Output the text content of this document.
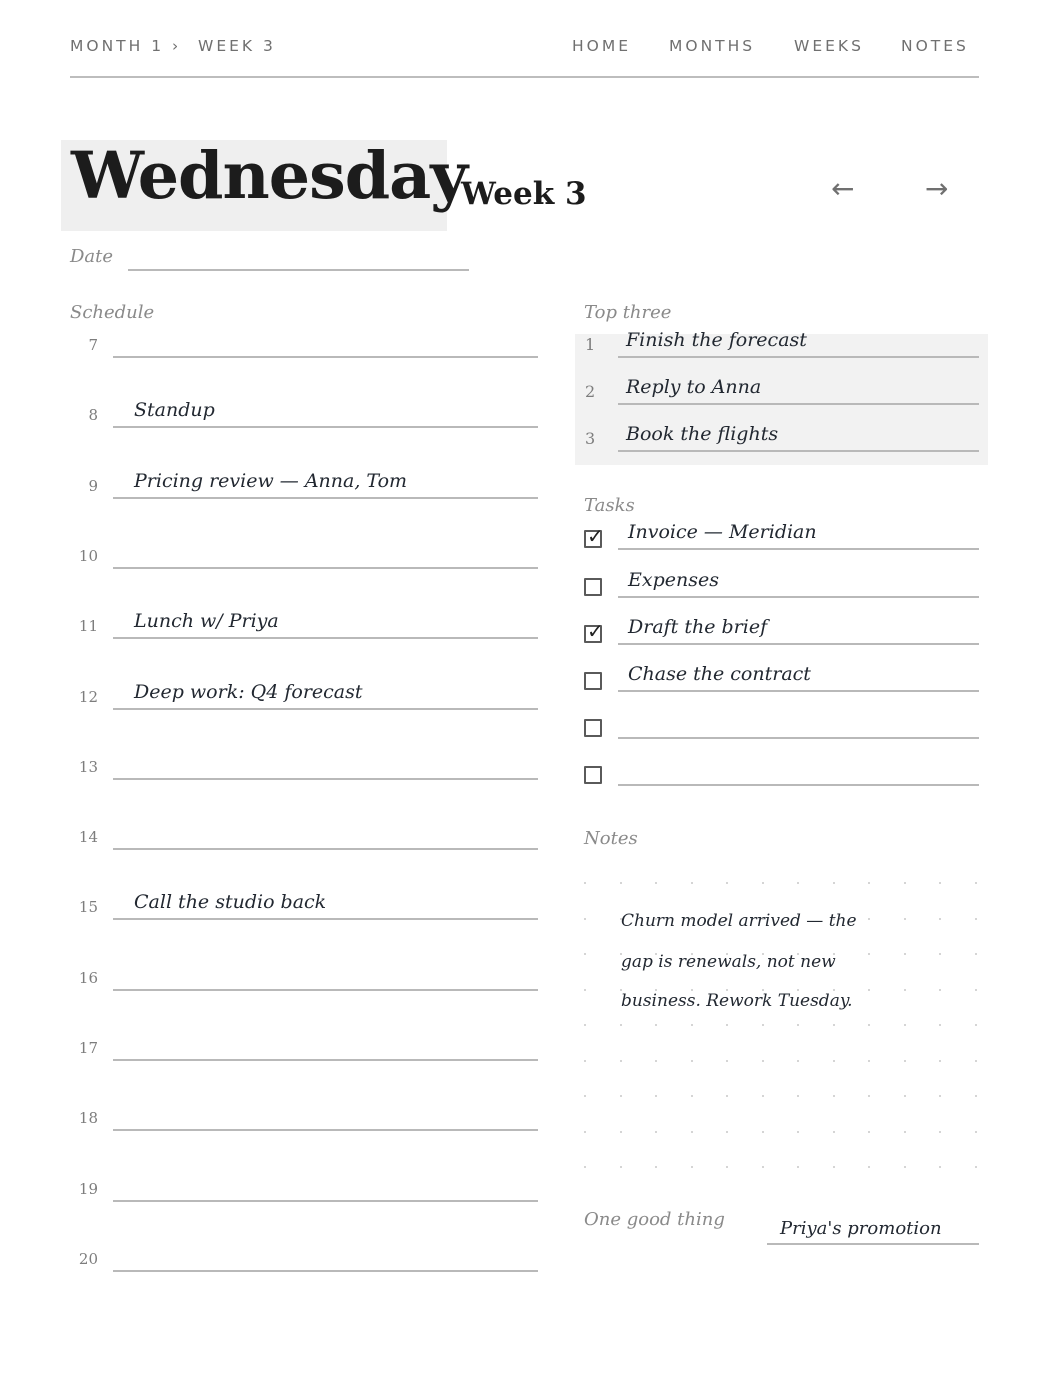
MONTH 1 › WEEK 3	HOME MONTHS	WEEKS NOTES
Wednesday
Week 3	←	→
Date
Schedule
7
8 Standup
9 Pricing review — Anna, Tom
10
11 Lunch w/ Priya
12 Deep work: Q4 forecast
13
14
15 Call the studio back
16
17
18
19
20
Top three
1 Finish the forecast
2 Reply to Anna
3 Book the flights
Tasks
✓ Invoice — Meridian
Expenses
✓ Draft the brief
Chase the contract
Notes
Churn model arrived — the
gap is renewals, not new
business. Rework Tuesday.
One good thing	Priya's promotion
